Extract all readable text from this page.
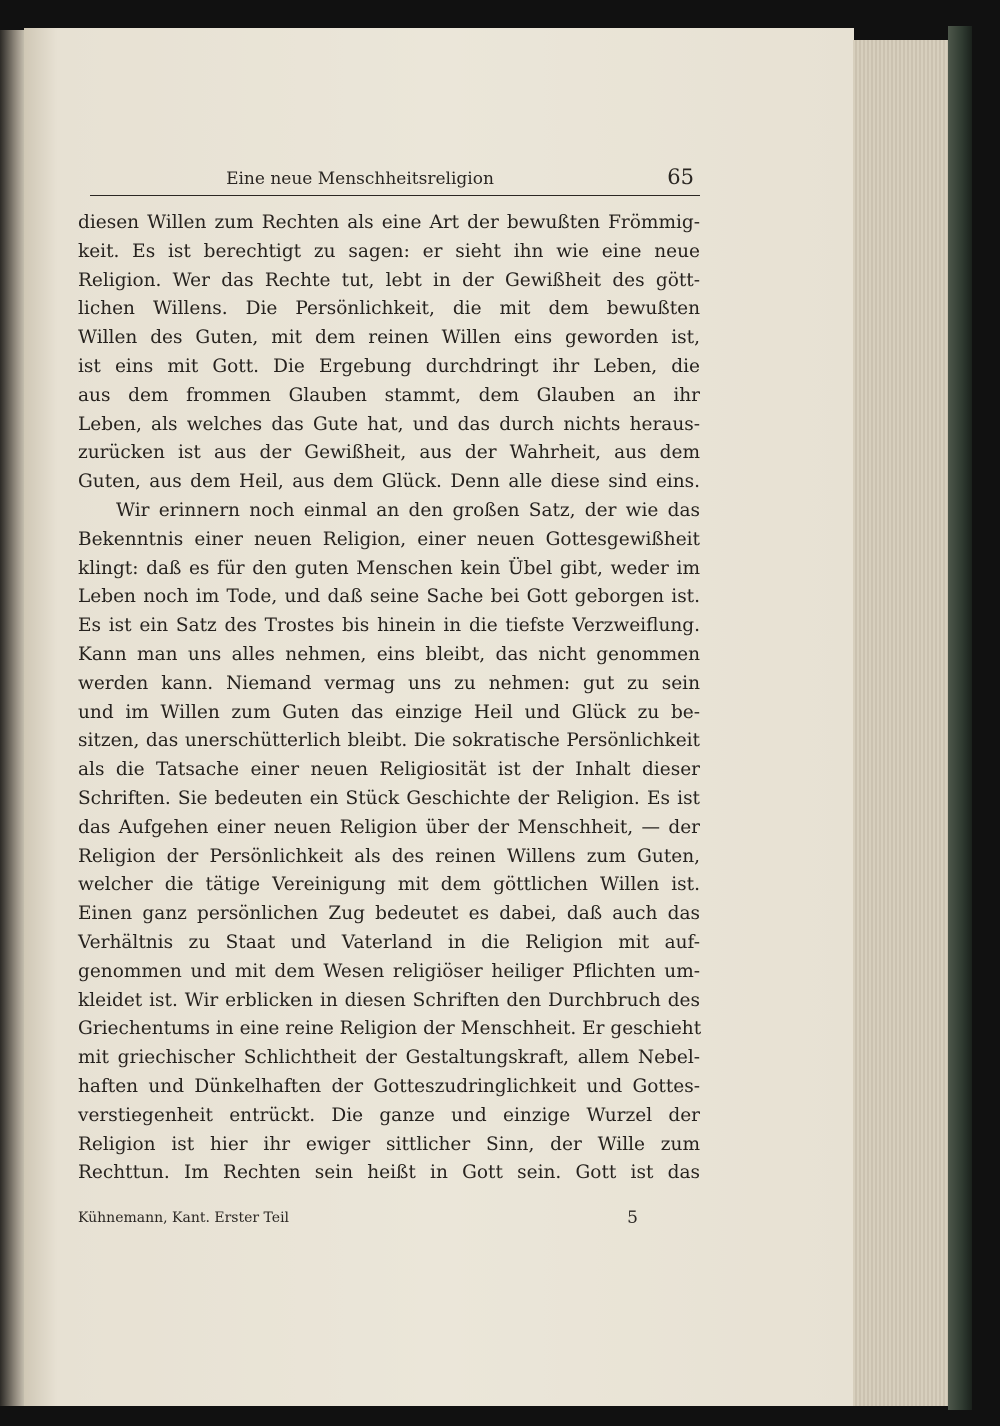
Eine neue Menschheitsreligion	65
diesen Willen zum Rechten als eine Art der bewußten Frömmig-
keit. Es ist berechtigt zu sagen: er sieht ihn wie eine neue
Religion. Wer das Rechte tut, lebt in der Gewißheit des gött-
lichen Willens. Die Persönlichkeit, die mit dem bewußten
Willen des Guten, mit dem reinen Willen eins geworden ist,
ist eins mit Gott. Die Ergebung durchdringt ihr Leben, die
aus dem frommen Glauben stammt, dem Glauben an ihr
Leben, als welches das Gute hat, und das durch nichts heraus-
zurücken ist aus der Gewißheit, aus der Wahrheit, aus dem
Guten, aus dem Heil, aus dem Glück. Denn alle diese sind eins.
Wir erinnern noch einmal an den großen Satz, der wie das
Bekenntnis einer neuen Religion, einer neuen Gottesgewißheit
klingt: daß es für den guten Menschen kein Übel gibt, weder im
Leben noch im Tode, und daß seine Sache bei Gott geborgen ist.
Es ist ein Satz des Trostes bis hinein in die tiefste Verzweiflung.
Kann man uns alles nehmen, eins bleibt, das nicht genommen
werden kann. Niemand vermag uns zu nehmen: gut zu sein
und im Willen zum Guten das einzige Heil und Glück zu be-
sitzen, das unerschütterlich bleibt. Die sokratische Persönlichkeit
als die Tatsache einer neuen Religiosität ist der Inhalt dieser
Schriften. Sie bedeuten ein Stück Geschichte der Religion. Es ist
das Aufgehen einer neuen Religion über der Menschheit, — der
Religion der Persönlichkeit als des reinen Willens zum Guten,
welcher die tätige Vereinigung mit dem göttlichen Willen ist.
Einen ganz persönlichen Zug bedeutet es dabei, daß auch das
Verhältnis zu Staat und Vaterland in die Religion mit auf-
genommen und mit dem Wesen religiöser heiliger Pflichten um-
kleidet ist. Wir erblicken in diesen Schriften den Durchbruch des
Griechentums in eine reine Religion der Menschheit. Er geschieht
mit griechischer Schlichtheit der Gestaltungskraft, allem Nebel-
haften und Dünkelhaften der Gotteszudringlichkeit und Gottes-
verstiegenheit entrückt. Die ganze und einzige Wurzel der
Religion ist hier ihr ewiger sittlicher Sinn, der Wille zum
Rechttun. Im Rechten sein heißt in Gott sein. Gott ist das
Kühnemann, Kant. Erster Teil	5
